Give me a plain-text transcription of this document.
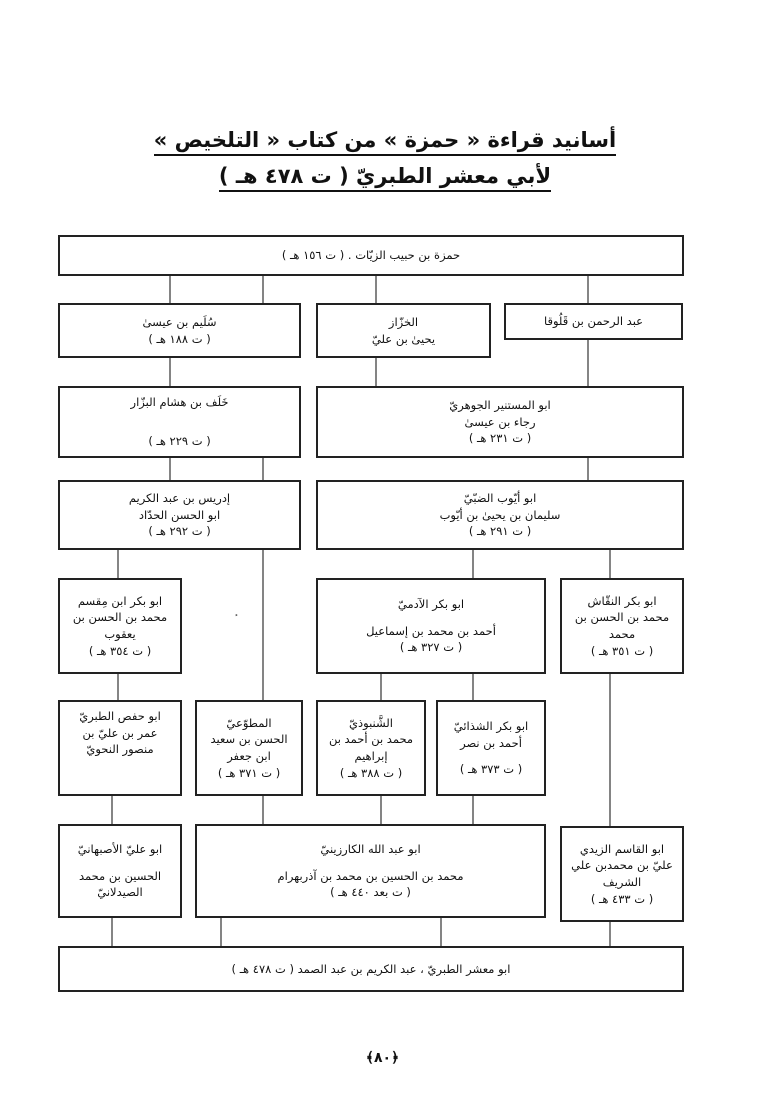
أسانيد قراءة « حمزة » من كتاب « التلخيص »
لأبي معشر الطبريّ ( ت ٤٧٨ هـ )
حمزة بن حبيب الزيّات . ( ت ١٥٦ هـ )
عبد الرحمن بن قَلُوقا
الخزّاز
يحيىٰ بن عليّ
سُلَيم بن عيسىٰ
( ت ١٨٨ هـ )
ابو المستنير الجوهريّ
رجاء بن عيسىٰ
( ت ٢٣١ هـ )
خَلَف بن هشام البزّار
( ت ٢٢٩ هـ )
ابو أيّوب الضبّيّ
سليمان بن يحيىٰ بن أيّوب
( ت ٢٩١ هـ )
إدريس بن عبد الكريم
ابو الحسن الحدّاد
( ت ٢٩٢ هـ )
ابو بكر النقّاش
محمد بن الحسن بن
محمد
( ت ٣٥١ هـ )
ابو بكر الآدميّ
أحمد بن محمد بن إسماعيل
( ت ٣٢٧ هـ )
ابو بكر ابن مِقسم
محمد بن الحسن بن
يعقوب
( ت ٣٥٤ هـ )
ابو بكر الشذائيّ
أحمد بن نصر
( ت ٣٧٣ هـ )
الشَّنبوذيّ
محمد بن أحمد بن
إبراهيم
( ت ٣٨٨ هـ )
المطوّعيّ
الحسن بن سعيد
ابن جعفر
( ت ٣٧١ هـ )
ابو حفص الطبريّ
عمر بن عليّ بن
منصور النحويّ
ابو القاسم الزيدي
عليّ بن محمدبن علي
الشريف
( ت ٤٣٣ هـ )
ابو عبد الله الكارزينيّ
محمد بن الحسين بن محمد بن آذربهرام
( ت بعد ٤٤٠ هـ )
ابو عليّ الأصبهانيّ
الحسين بن محمد
الصيدلانيّ
ابو معشر الطبريّ ، عبد الكريم بن عبد الصمد ( ت ٤٧٨ هـ )
﴿٨٠﴾
